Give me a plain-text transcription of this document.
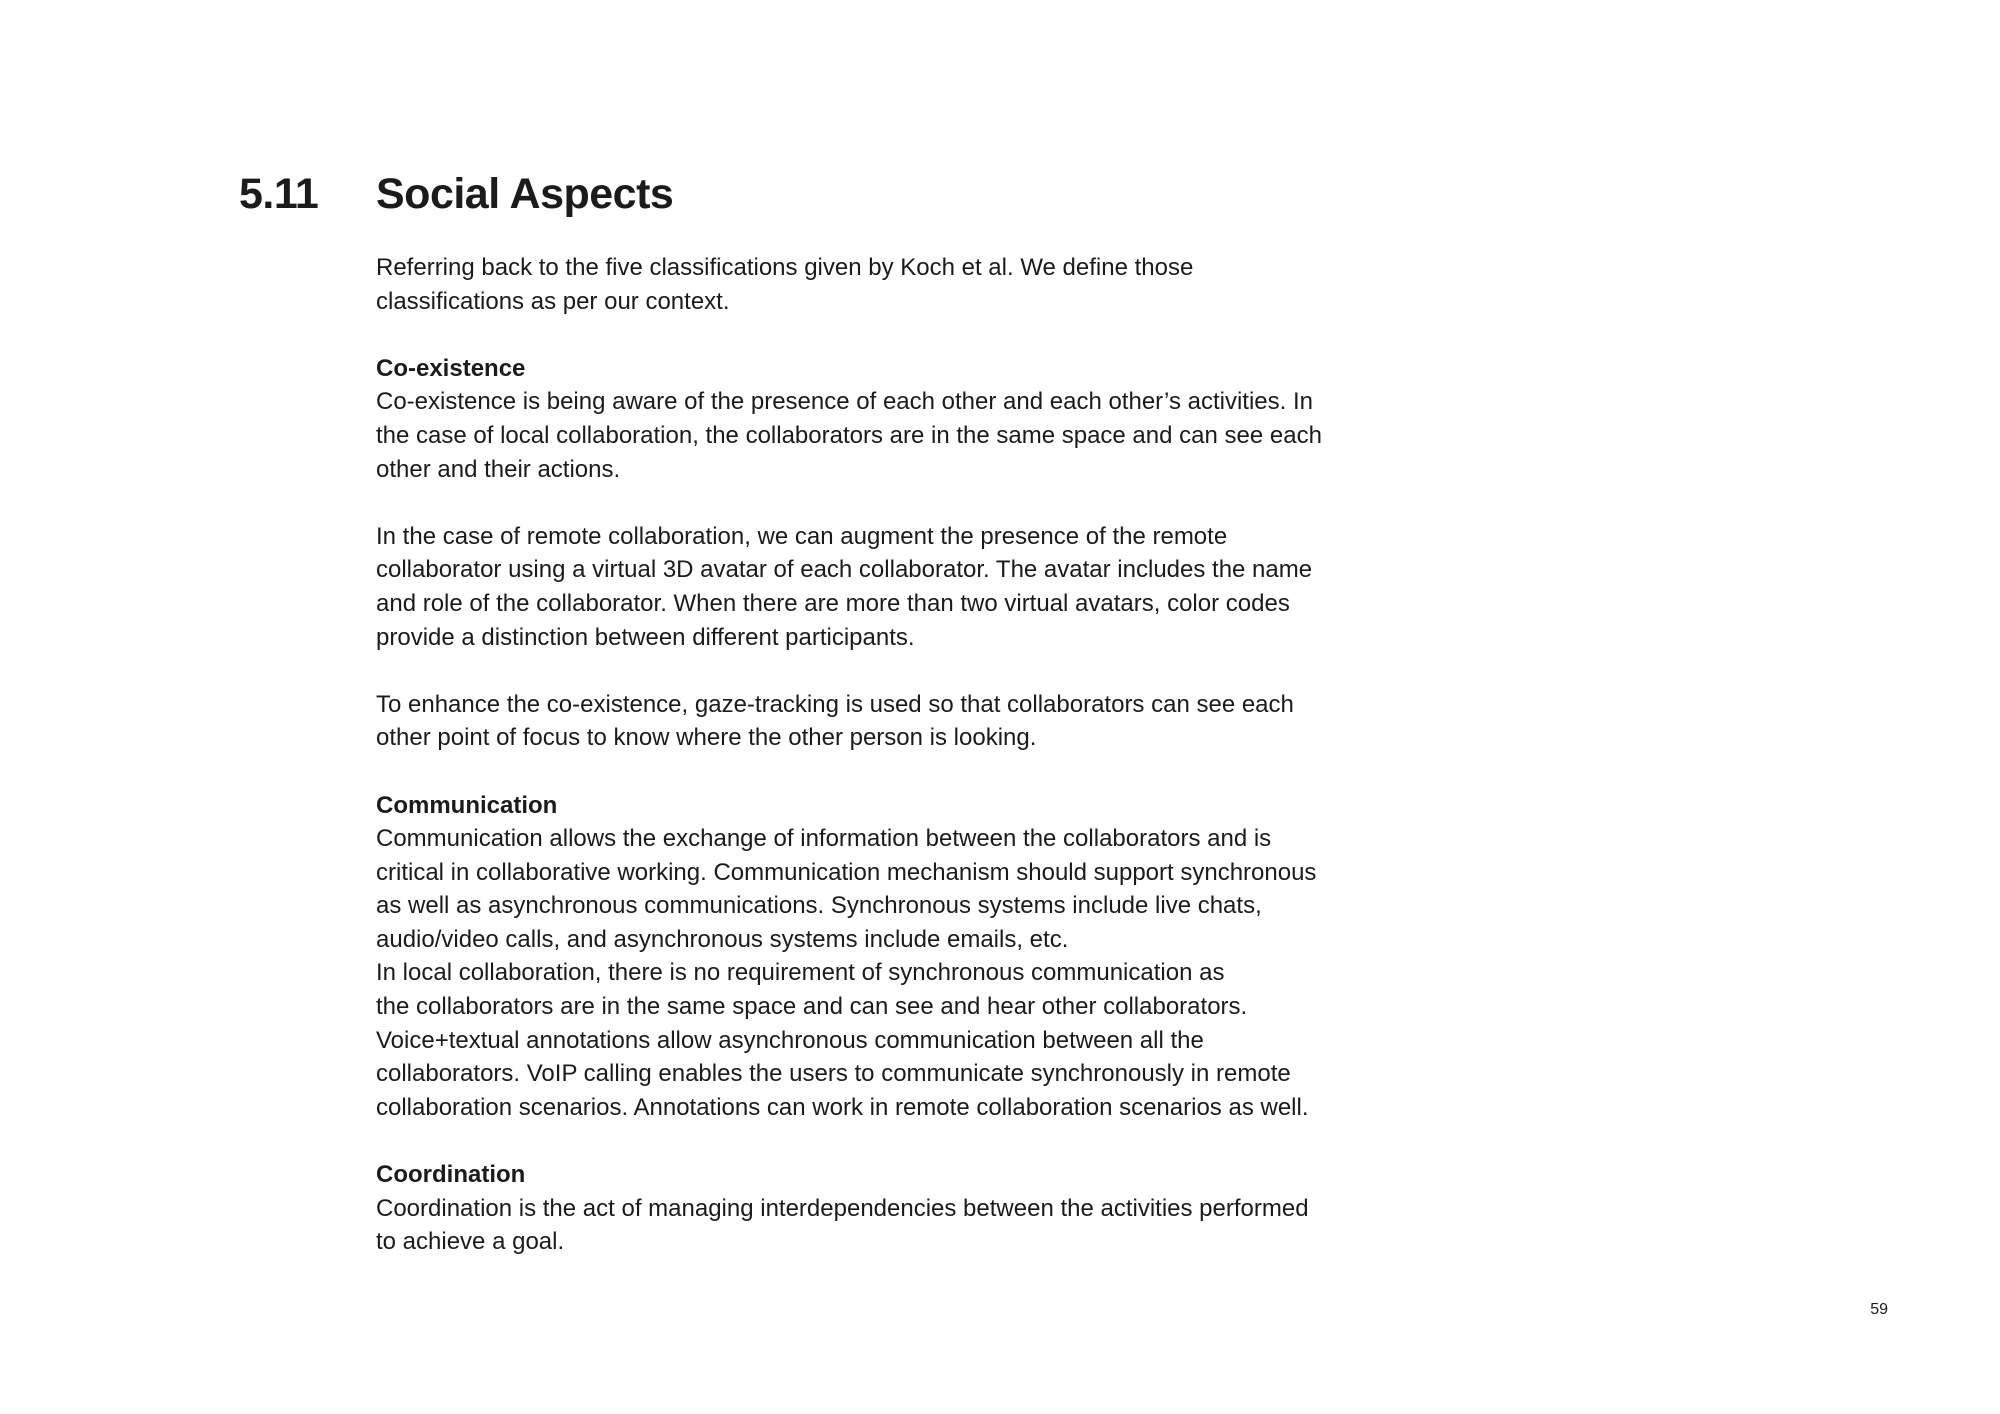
5.11 Social Aspects

Referring back to the five classifications given by Koch et al. We define those
classifications as per our context.

Co-existence

Co-existence is being aware of the presence of each other and each other’s activities. In
the case of local collaboration, the collaborators are in the same space and can see each
other and their actions.

In the case of remote collaboration, we can augment the presence of the remote
collaborator using a virtual 3D avatar of each collaborator. The avatar includes the name
and role of the collaborator. When there are more than two virtual avatars, color codes
provide a distinction between different participants.

To enhance the co-existence, gaze-tracking is used so that collaborators can see each
other point of focus to know where the other person is looking.

Communication

Communication allows the exchange of information between the collaborators and is
critical in collaborative working. Communication mechanism should support synchronous
as well as asynchronous communications. Synchronous systems include live chats,
audio/video calls, and asynchronous systems include emails, etc.
In local collaboration, there is no requirement of synchronous communication as
the collaborators are in the same space and can see and hear other collaborators.
Voice+textual annotations allow asynchronous communication between all the
collaborators. VoIP calling enables the users to communicate synchronously in remote
collaboration scenarios. Annotations can work in remote collaboration scenarios as well.

Coordination

Coordination is the act of managing interdependencies between the activities performed
to achieve a goal.

59
